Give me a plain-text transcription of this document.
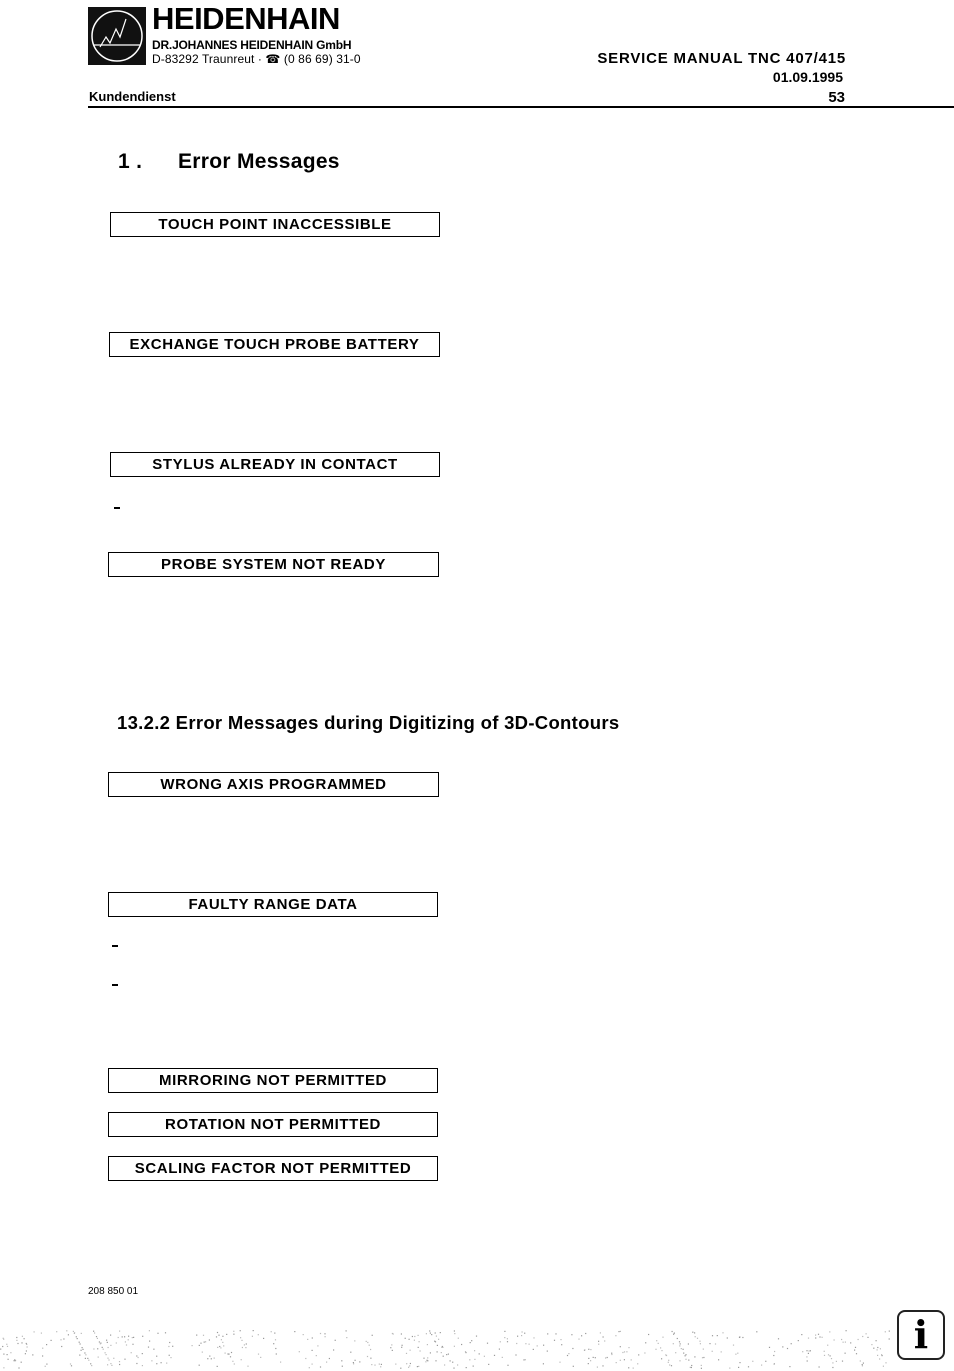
HEIDENHAIN
DR.JOHANNES HEIDENHAIN GmbH
D-83292 Traunreut · ☎ (0 86 69) 31-0
Kundendienst
SERVICE MANUAL TNC 407/415
01.09.1995
53
1 . Error Messages
TOUCH POINT INACCESSIBLE
EXCHANGE TOUCH PROBE BATTERY
STYLUS ALREADY IN CONTACT
PROBE SYSTEM NOT READY
13.2.2 Error Messages during Digitizing of 3D-Contours
WRONG AXIS PROGRAMMED
FAULTY RANGE DATA
MIRRORING NOT PERMITTED
ROTATION NOT PERMITTED
SCALING FACTOR NOT PERMITTED
208 850 01
i
